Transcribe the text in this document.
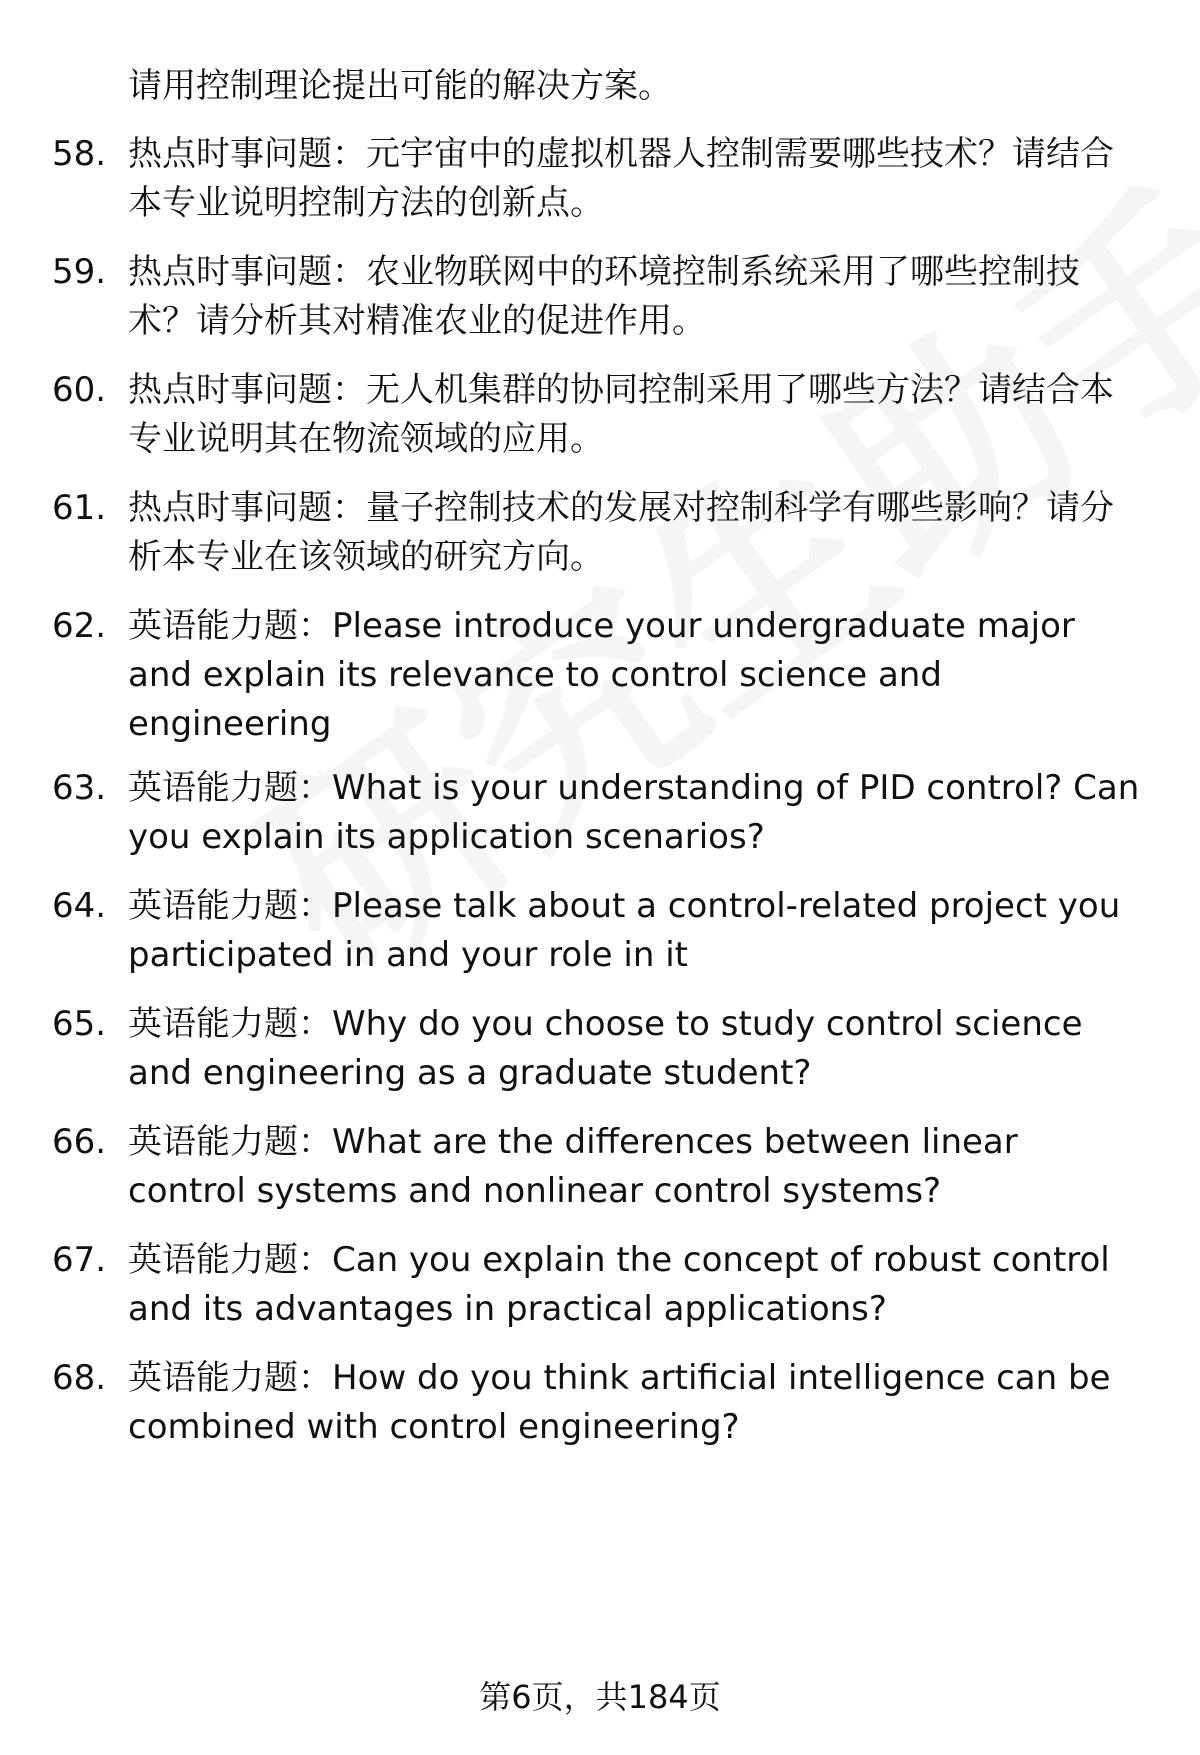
请用控制理论提出可能的解决方案。
58. 热点时事问题：元宇宙中的虚拟机器人控制需要哪些技术？请结合本专业说明控制方法的创新点。
59. 热点时事问题：农业物联网中的环境控制系统采用了哪些控制技术？请分析其对精准农业的促进作用。
60. 热点时事问题：无人机集群的协同控制采用了哪些方法？请结合本专业说明其在物流领域的应用。
61. 热点时事问题：量子控制技术的发展对控制科学有哪些影响？请分析本专业在该领域的研究方向。
62. 英语能力题：Please introduce your undergraduate major and explain its relevance to control science and engineering
63. 英语能力题：What is your understanding of PID control? Can you explain its application scenarios?
64. 英语能力题：Please talk about a control-related project you participated in and your role in it
65. 英语能力题：Why do you choose to study control science and engineering as a graduate student?
66. 英语能力题：What are the differences between linear control systems and nonlinear control systems?
67. 英语能力题：Can you explain the concept of robust control and its advantages in practical applications?
68. 英语能力题：How do you think artificial intelligence can be combined with control engineering?
第6页，共184页
